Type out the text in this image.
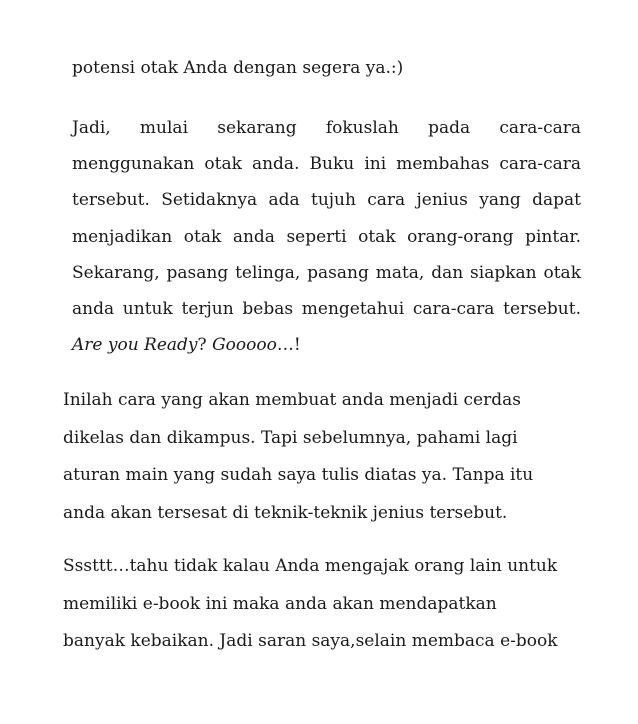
potensi otak Anda dengan segera ya.:)

Jadi, mulai sekarang fokuslah pada cara-cara
menggunakan otak anda. Buku ini membahas cara-cara
tersebut. Setidaknya ada tujuh cara jenius yang dapat
menjadikan otak anda seperti otak orang-orang pintar.
Sekarang, pasang telinga, pasang mata, dan siapkan otak
anda untuk terjun bebas mengetahui cara-cara tersebut.
Are you Ready? Gooooo…!

Inilah cara yang akan membuat anda menjadi cerdas
dikelas dan dikampus. Tapi sebelumnya, pahami lagi
aturan main yang sudah saya tulis diatas ya. Tanpa itu
anda akan tersesat di teknik-teknik jenius tersebut.

Sssttt…tahu tidak kalau Anda mengajak orang lain untuk
memiliki e-book ini maka anda akan mendapatkan
banyak kebaikan. Jadi saran saya,selain membaca e-book
